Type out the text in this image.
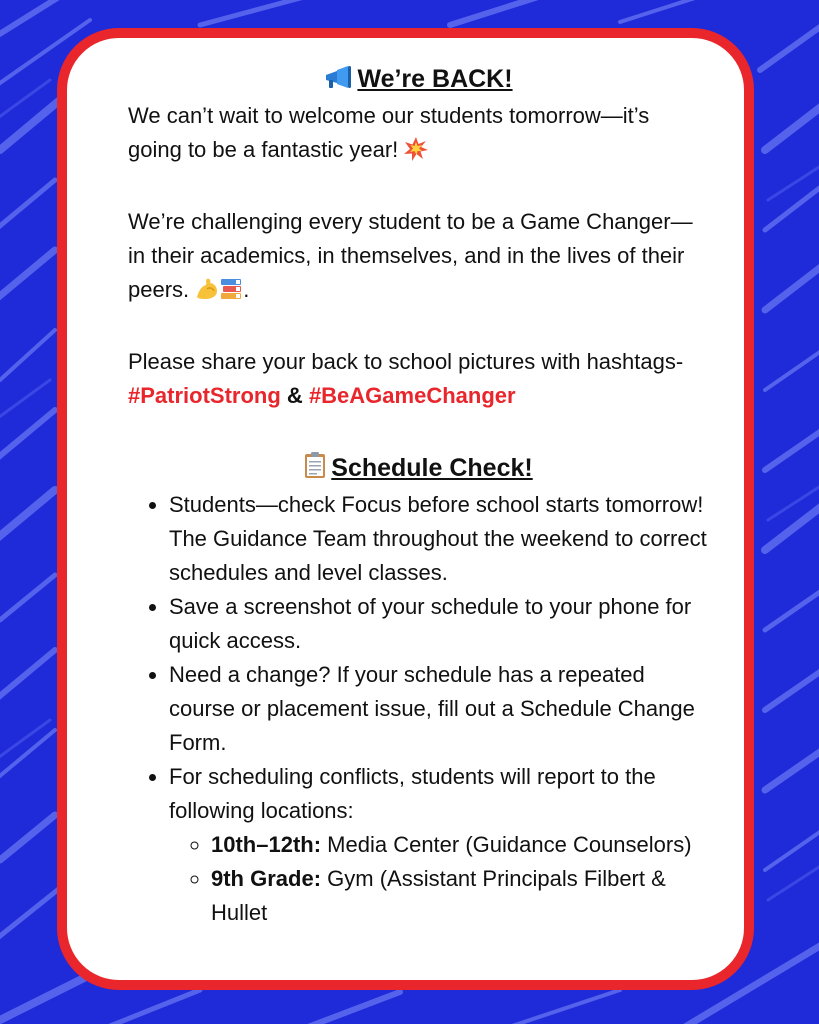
We’re BACK!

We can’t wait to welcome our students tomorrow—it’s going to be a fantastic year!

We’re challenging every student to be a Game Changer—in their academics, in themselves, and in the lives of their peers. .

Please share your back to school pictures with hashtags- #PatriotStrong & #BeAGameChanger

Schedule Check!
• Students—check Focus before school starts tomorrow! The Guidance Team throughout the weekend to correct schedules and level classes.
• Save a screenshot of your schedule to your phone for quick access.
• Need a change? If your schedule has a repeated course or placement issue, fill out a Schedule Change Form.
• For scheduling conflicts, students will report to the following locations:
◦ 10th–12th: Media Center (Guidance Counselors)
◦ 9th Grade: Gym (Assistant Principals Filbert & Hullet
